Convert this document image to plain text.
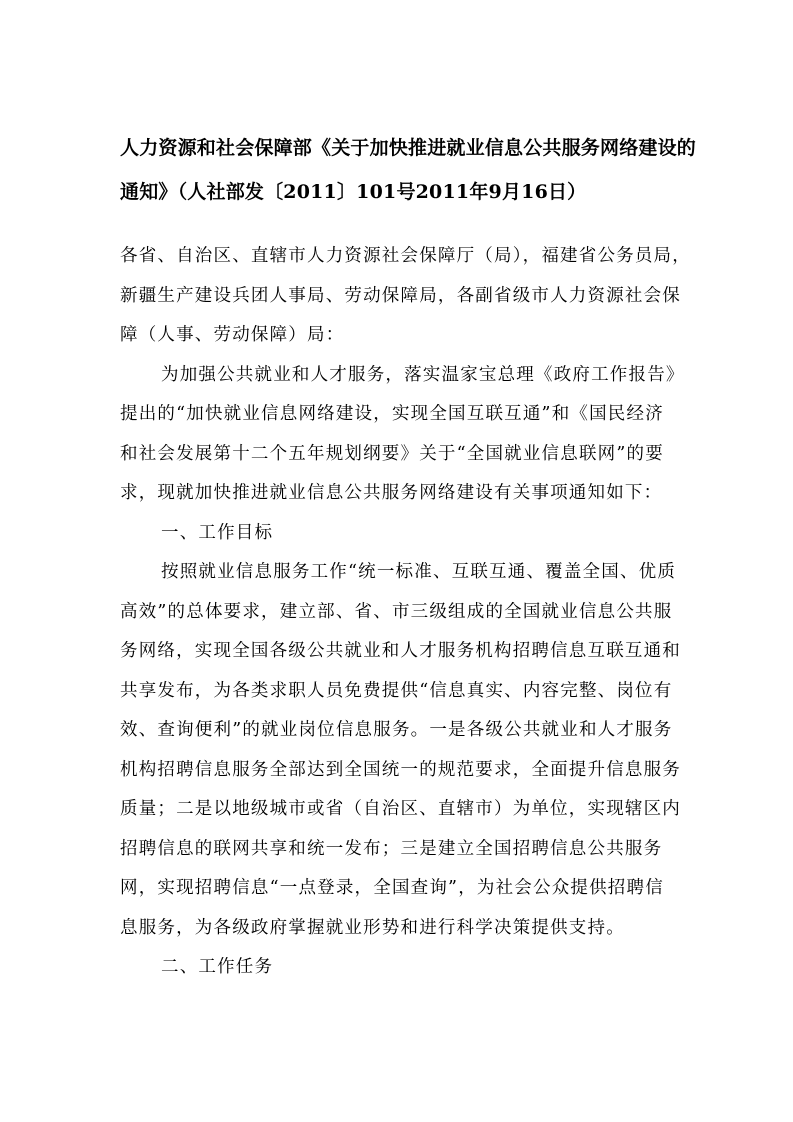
人力资源和社会保障部《关于加快推进就业信息公共服务网络建设的
通知》（人社部发〔2011〕101号2011年9月16日）
各省、自治区、直辖市人力资源社会保障厅（局），福建省公务员局，
新疆生产建设兵团人事局、劳动保障局，各副省级市人力资源社会保
障（人事、劳动保障）局：
为加强公共就业和人才服务，落实温家宝总理《政府工作报告》
提出的“加快就业信息网络建设，实现全国互联互通”和《国民经济
和社会发展第十二个五年规划纲要》关于“全国就业信息联网”的要
求，现就加快推进就业信息公共服务网络建设有关事项通知如下：
一、工作目标
按照就业信息服务工作“统一标准、互联互通、覆盖全国、优质
高效”的总体要求，建立部、省、市三级组成的全国就业信息公共服
务网络，实现全国各级公共就业和人才服务机构招聘信息互联互通和
共享发布，为各类求职人员免费提供“信息真实、内容完整、岗位有
效、查询便利”的就业岗位信息服务。一是各级公共就业和人才服务
机构招聘信息服务全部达到全国统一的规范要求，全面提升信息服务
质量；二是以地级城市或省（自治区、直辖市）为单位，实现辖区内
招聘信息的联网共享和统一发布；三是建立全国招聘信息公共服务
网，实现招聘信息“一点登录，全国查询”，为社会公众提供招聘信
息服务，为各级政府掌握就业形势和进行科学决策提供支持。
二、工作任务
